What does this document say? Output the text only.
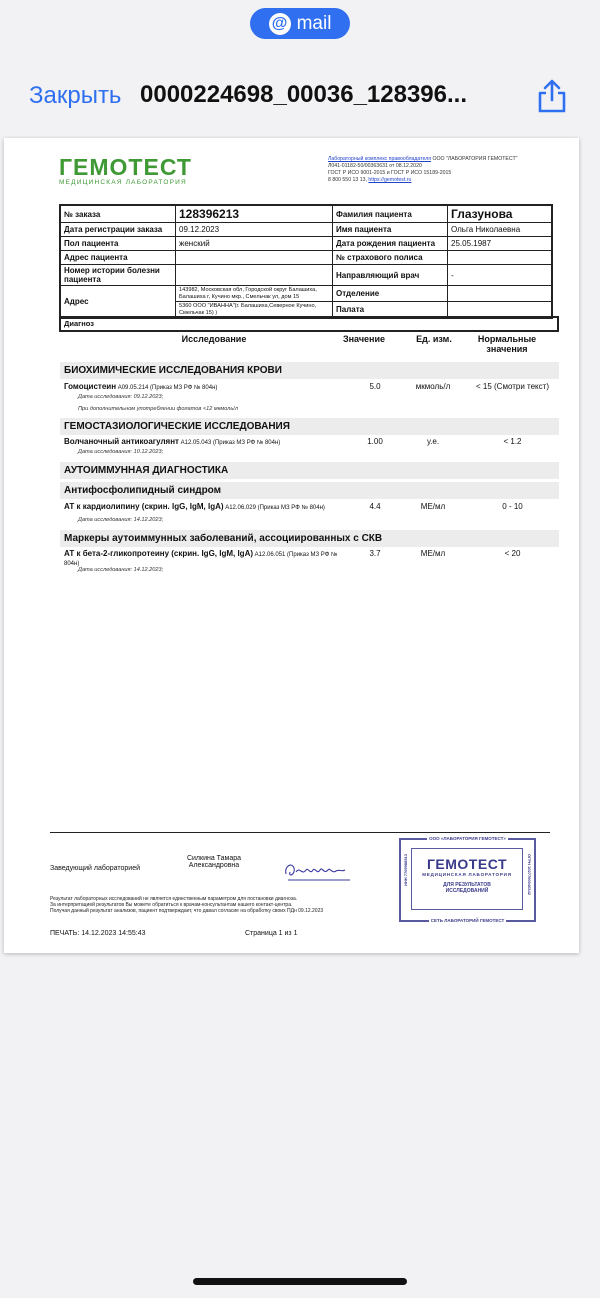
@ mail
Закрыть 0000224698_00036_128396...
ГЕМОТЕСТ
МЕДИЦИНСКАЯ ЛАБОРАТОРИЯ
Лабораторный комплекс правообладателя ООО "ЛАБОРАТОРИЯ ГЕМОТЕСТ"
Л041-01182-50/00363631 от 08.12.2020
ГОСТ Р ИСО 9001-2015 и ГОСТ Р ИСО 15189-2015
8 800 550 13 13, https://gemotest.ru
№ заказа	128396213	Фамилия пациента	Глазунова
Дата регистрации заказа	09.12.2023	Имя пациента	Ольга Николаевна
Пол пациента	женский	Дата рождения пациента	25.05.1987
Адрес пациента		№ страхового полиса	
Номер истории болезни пациента		Направляющий врач	-
Адрес	143982, Московская обл, Городской округ Балашиха, Балашиха г, Кучино мкр., Смельчак ул, дом 15	Отделение	
	5360 ООО "ИВАННА"(г. Балашиха,Северное Кучино, Смельчак 15) )	Палата	
Диагноз
Исследование	Значение	Ед. изм.	Нормальные значения
БИОХИМИЧЕСКИЕ ИССЛЕДОВАНИЯ КРОВИ
Гомоцистеин А09.05.214 (Приказ МЗ РФ № 804н)	5.0	мкмоль/л	< 15 (Смотри текст)
Дата исследования: 09.12.2023;
При дополнительном употреблении фолатов <12 мкмоль/л
ГЕМОСТАЗИОЛОГИЧЕСКИЕ ИССЛЕДОВАНИЯ
Волчаночный антикоагулянт А12.05.043 (Приказ МЗ РФ № 804н)	1.00	у.е.	< 1.2
Дата исследования: 10.12.2023;
АУТОИММУННАЯ ДИАГНОСТИКА
Антифосфолипидный синдром
АТ к кардиолипину (скрин. IgG, IgM, IgA) А12.06.029 (Приказ МЗ РФ № 804н)	4.4	МЕ/мл	0 - 10
Дата исследования: 14.12.2023;
Маркеры аутоиммунных заболеваний, ассоциированных с СКВ
АТ к бета-2-гликопротеину (скрин. IgG, IgM, IgA) А12.06.051 (Приказ МЗ РФ № 804н)
3.7	МЕ/мл	< 20
Дата исследования: 14.12.2023;
Заведующий лабораторией
Силкина Тамара
Александровна
ООО «ЛАБОРАТОРИЯ ГЕМОТЕСТ»
ИНН 7709988513	ОГРН 1027700040342
ГЕМОТЕСТ
МЕДИЦИНСКАЯ ЛАБОРАТОРИЯ
ДЛЯ РЕЗУЛЬТАТОВ
ИССЛЕДОВАНИЙ
СЕТЬ ЛАБОРАТОРИЙ ГЕМОТЕСТ
Результат лабораторных исследований не является единственным параметром для постановки диагноза.
За интерпретацией результатов Вы можете обратиться к врачам-консультантам нашего контакт-центра.
Получая данный результат анализов, пациент подтверждает, что давал согласие на обработку своих ПДн 09.12.2023
ПЕЧАТЬ: 14.12.2023 14:55:43	Страница 1 из 1
